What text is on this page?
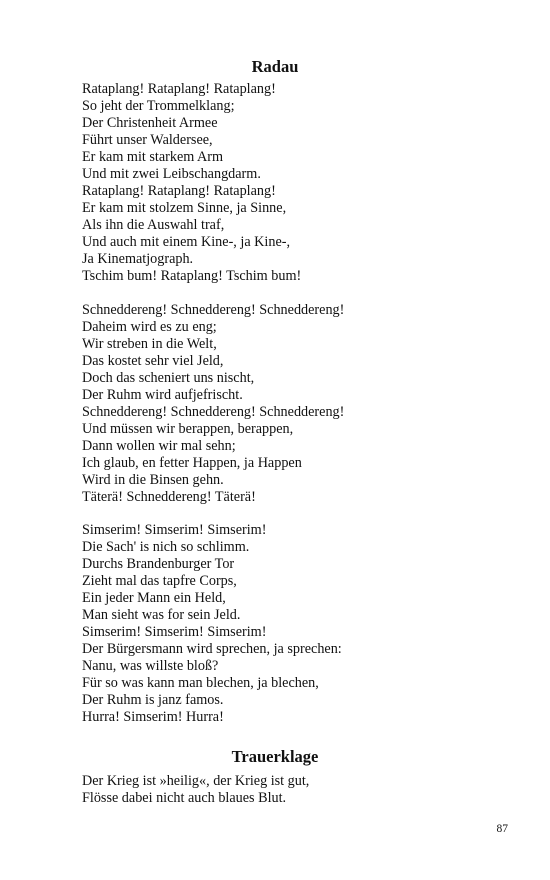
Radau
Rataplang! Rataplang! Rataplang!
So jeht der Trommelklang;
Der Christenheit Armee
Führt unser Waldersee,
Er kam mit starkem Arm
Und mit zwei Leibschangdarm.
Rataplang! Rataplang! Rataplang!
Er kam mit stolzem Sinne, ja Sinne,
Als ihn die Auswahl traf,
Und auch mit einem Kine-, ja Kine-,
Ja Kinematjograph.
Tschim bum! Rataplang! Tschim bum!
Schneddereng! Schneddereng! Schneddereng!
Daheim wird es zu eng;
Wir streben in die Welt,
Das kostet sehr viel Jeld,
Doch das scheniert uns nischt,
Der Ruhm wird aufjefrischt.
Schneddereng! Schneddereng! Schneddereng!
Und müssen wir berappen, berappen,
Dann wollen wir mal sehn;
Ich glaub, en fetter Happen, ja Happen
Wird in die Binsen gehn.
Täterä! Schneddereng! Täterä!
Simserim! Simserim! Simserim!
Die Sach' is nich so schlimm.
Durchs Brandenburger Tor
Zieht mal das tapfre Corps,
Ein jeder Mann ein Held,
Man sieht was for sein Jeld.
Simserim! Simserim! Simserim!
Der Bürgersmann wird sprechen, ja sprechen:
Nanu, was willste bloß?
Für so was kann man blechen, ja blechen,
Der Ruhm is janz famos.
Hurra! Simserim! Hurra!
Trauerklage
Der Krieg ist »heilig«, der Krieg ist gut,
Flösse dabei nicht auch blaues Blut.
87
